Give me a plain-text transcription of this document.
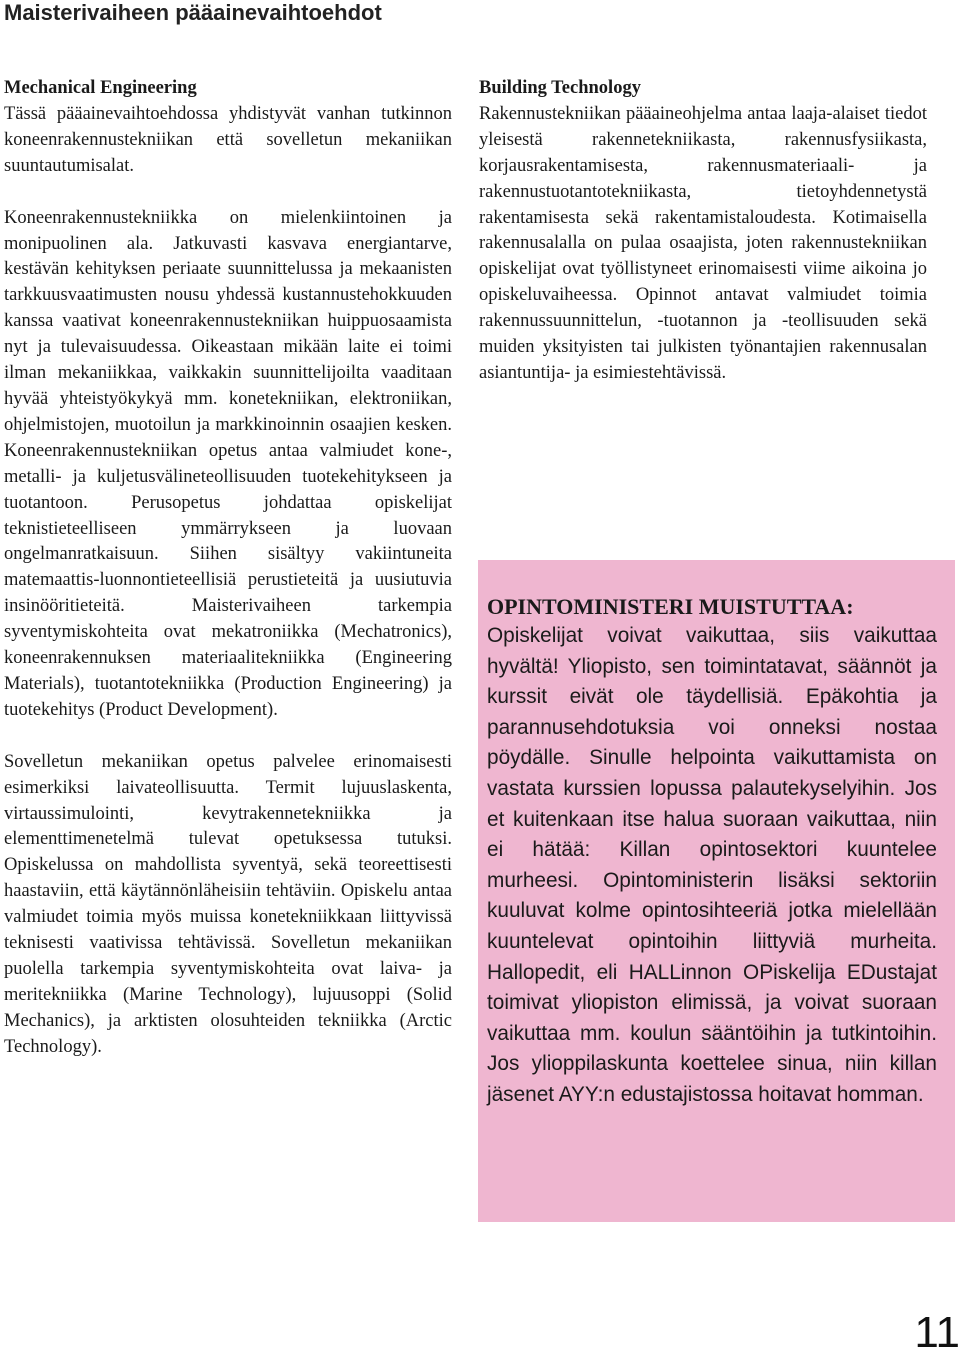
Maisterivaiheen pääainevaihtoehdot

Mechanical Engineering
Tässä pääainevaihtoehdossa yhdistyvät vanhan tutkinnon koneenrakennustekniikan että sovelletun mekaniikan suuntautumisalat.

Koneenrakennustekniikka on mielenkiintoinen ja monipuolinen ala. Jatkuvasti kasvava energiantarve, kestävän kehityksen periaate suunnittelussa ja mekaanisten tarkkuusvaatimusten nousu yhdessä kustannustehokkuuden kanssa vaativat koneenrakennustekniikan huippuosaamista nyt ja tulevaisuudessa. Oikeastaan mikään laite ei toimi ilman mekaniikkaa, vaikkakin suunnittelijoilta vaaditaan hyvää yhteistyökykyä mm. konetekniikan, elektroniikan, ohjelmistojen, muotoilun ja markkinoinnin osaajien kesken. Koneenrakennustekniikan opetus antaa valmiudet kone-, metalli- ja kuljetusvälineteollisuuden tuotekehitykseen ja tuotantoon. Perusopetus johdattaa opiskelijat teknistieteelliseen ymmärrykseen ja luovaan ongelmanratkaisuun. Siihen sisältyy vakiintuneita matemaattis-luonnontieteellisiä perustieteitä ja uusiutuvia insinööritieteitä. Maisterivaiheen tarkempia syventymiskohteita ovat mekatroniikka (Mechatronics), koneenrakennuksen materiaalitekniikka (Engineering Materials), tuotantotekniikka (Production Engineering) ja tuotekehitys (Product Development).

Sovelletun mekaniikan opetus palvelee erinomaisesti esimerkiksi laivateollisuutta. Termit lujuuslaskenta, virtaussimulointi, kevytrakennetekniikka ja elementtimenetelmä tulevat opetuksessa tutuksi. Opiskelussa on mahdollista syventyä, sekä teoreettisesti haastaviin, että käytännönläheisiin tehtäviin. Opiskelu antaa valmiudet toimia myös muissa konetekniikkaan liittyvissä teknisesti vaativissa tehtävissä. Sovelletun mekaniikan puolella tarkempia syventymiskohteita ovat laiva- ja meritekniikka (Marine Technology), lujuusoppi (Solid Mechanics), ja arktisten olosuhteiden tekniikka (Arctic Technology).

Building Technology
Rakennustekniikan pääaineohjelma antaa laaja-alaiset tiedot yleisestä rakennetekniikasta, rakennusfysiikasta, korjausrakentamisesta, rakennusmateriaali- ja rakennustuotantotekniikasta, tietoyhdennetystä rakentamisesta sekä rakentamistaloudesta. Kotimaisella rakennusalalla on pulaa osaajista, joten rakennustekniikan opiskelijat ovat työllistyneet erinomaisesti viime aikoina jo opiskeluvaiheessa. Opinnot antavat valmiudet toimia rakennussuunnittelun, -tuotannon ja -teollisuuden sekä muiden yksityisten tai julkisten työnantajien rakennusalan asiantuntija- ja esimiestehtävissä.

OPINTOMINISTERI MUISTUTTAA:

Opiskelijat voivat vaikuttaa, siis vaikuttaa hyvältä! Yliopisto, sen toimintatavat, säännöt ja kurssit eivät ole täydellisiä. Epäkohtia ja parannusehdotuksia voi onneksi nostaa pöydälle. Sinulle helpointa vaikuttamista on vastata kurssien lopussa palautekyselyihin. Jos et kuitenkaan itse halua suoraan vaikuttaa, niin ei hätää: Killan opintosektori kuuntelee murheesi. Opintoministerin lisäksi sektoriin kuuluvat kolme opintosihteeriä jotka mielellään kuuntelevat opintoihin liittyviä murheita. Hallopedit, eli HALLinnon OPiskelija EDustajat toimivat yliopiston elimissä, ja voivat suoraan vaikuttaa mm. koulun sääntöihin ja tutkintoihin. Jos ylioppilaskunta koettelee sinua, niin killan jäsenet AYY:n edustajistossa hoitavat homman.

11
